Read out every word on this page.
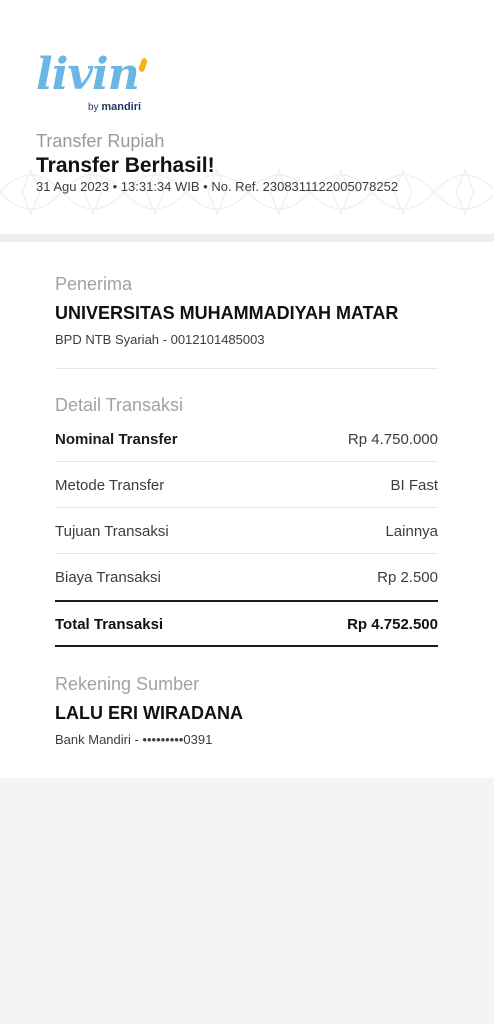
livin
by mandiri
Transfer Rupiah
Transfer Berhasil!
31 Agu 2023 • 13:31:34 WIB • No. Ref. 2308311122005078252
Penerima
UNIVERSITAS MUHAMMADIYAH MATAR
BPD NTB Syariah - 0012101485003
Detail Transaksi
Nominal Transfer	Rp 4.750.000
Metode Transfer	BI Fast
Tujuan Transaksi	Lainnya
Biaya Transaksi	Rp 2.500
Total Transaksi	Rp 4.752.500
Rekening Sumber
LALU ERI WIRADANA
Bank Mandiri - •••••••••0391
